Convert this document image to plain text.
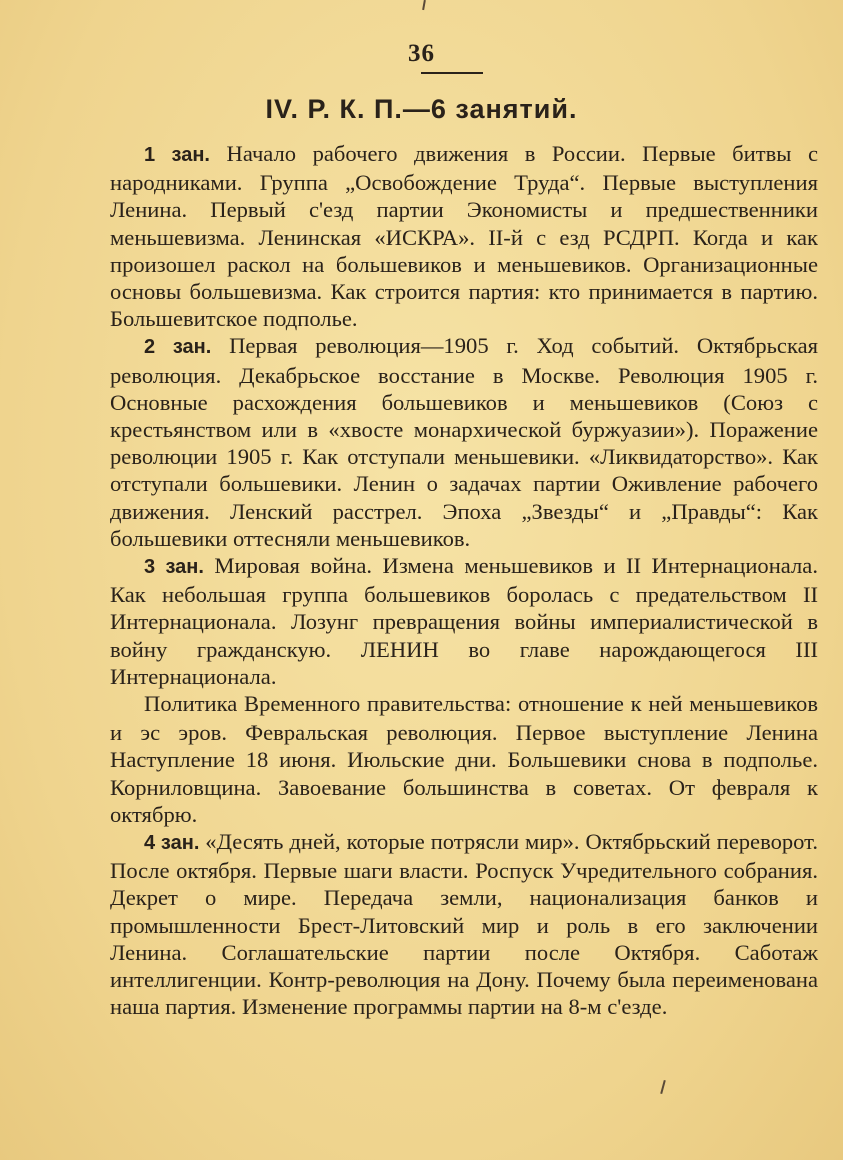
36
IV. Р. К. П.—6 занятий.

1 зан. Начало рабочего движения в России. Первые битвы с народниками. Группа „Освобождение Труда“. Первые выступления Ленина. Первый с'езд партии Экономисты и предшественники меньшевизма. Ленинская «ИСКРА». II-й с езд РСДРП. Когда и как произошел раскол на большевиков и меньшевиков. Организационные основы большевизма. Как строится партия: кто принимается в партию. Большевитское подполье.

2 зан. Первая революция—1905 г. Ход событий. Октябрьская революция. Декабрьское восстание в Москве. Революция 1905 г. Основные расхождения большевиков и меньшевиков (Союз с крестьянством или в «хвосте монархической буржуазии»). Поражение революции 1905 г. Как отступали меньшевики. «Ликвидаторство». Как отступали большевики. Ленин о задачах партии Оживление рабочего движения. Ленский расстрел. Эпоха „Звезды“ и „Правды“: Как большевики оттесняли меньшевиков.

3 зан. Мировая война. Измена меньшевиков и II Интернационала. Как небольшая группа большевиков боролась с предательством II Интернационала. Лозунг превращения войны империалистической в войну гражданскую. ЛЕНИН во главе нарождающегося III Интернационала.

Политика Временного правительства: отношение к ней меньшевиков и эс эров. Февральская революция. Первое выступление Ленина Наступление 18 июня. Июльские дни. Большевики снова в подполье. Корниловщина. Завоевание большинства в советах. От февраля к октябрю.

4 зан. «Десять дней, которые потрясли мир». Октябрьский переворот. После октября. Первые шаги власти. Роспуск Учредительного собрания. Декрет о мире. Передача земли, национализация банков и промышленности Брест-Литовский мир и роль в его заключении Ленина. Соглашательские партии после Октября. Саботаж интеллигенции. Контр-революция на Дону. Почему была переименована наша партия. Изменение программы партии на 8-м с'езде.
